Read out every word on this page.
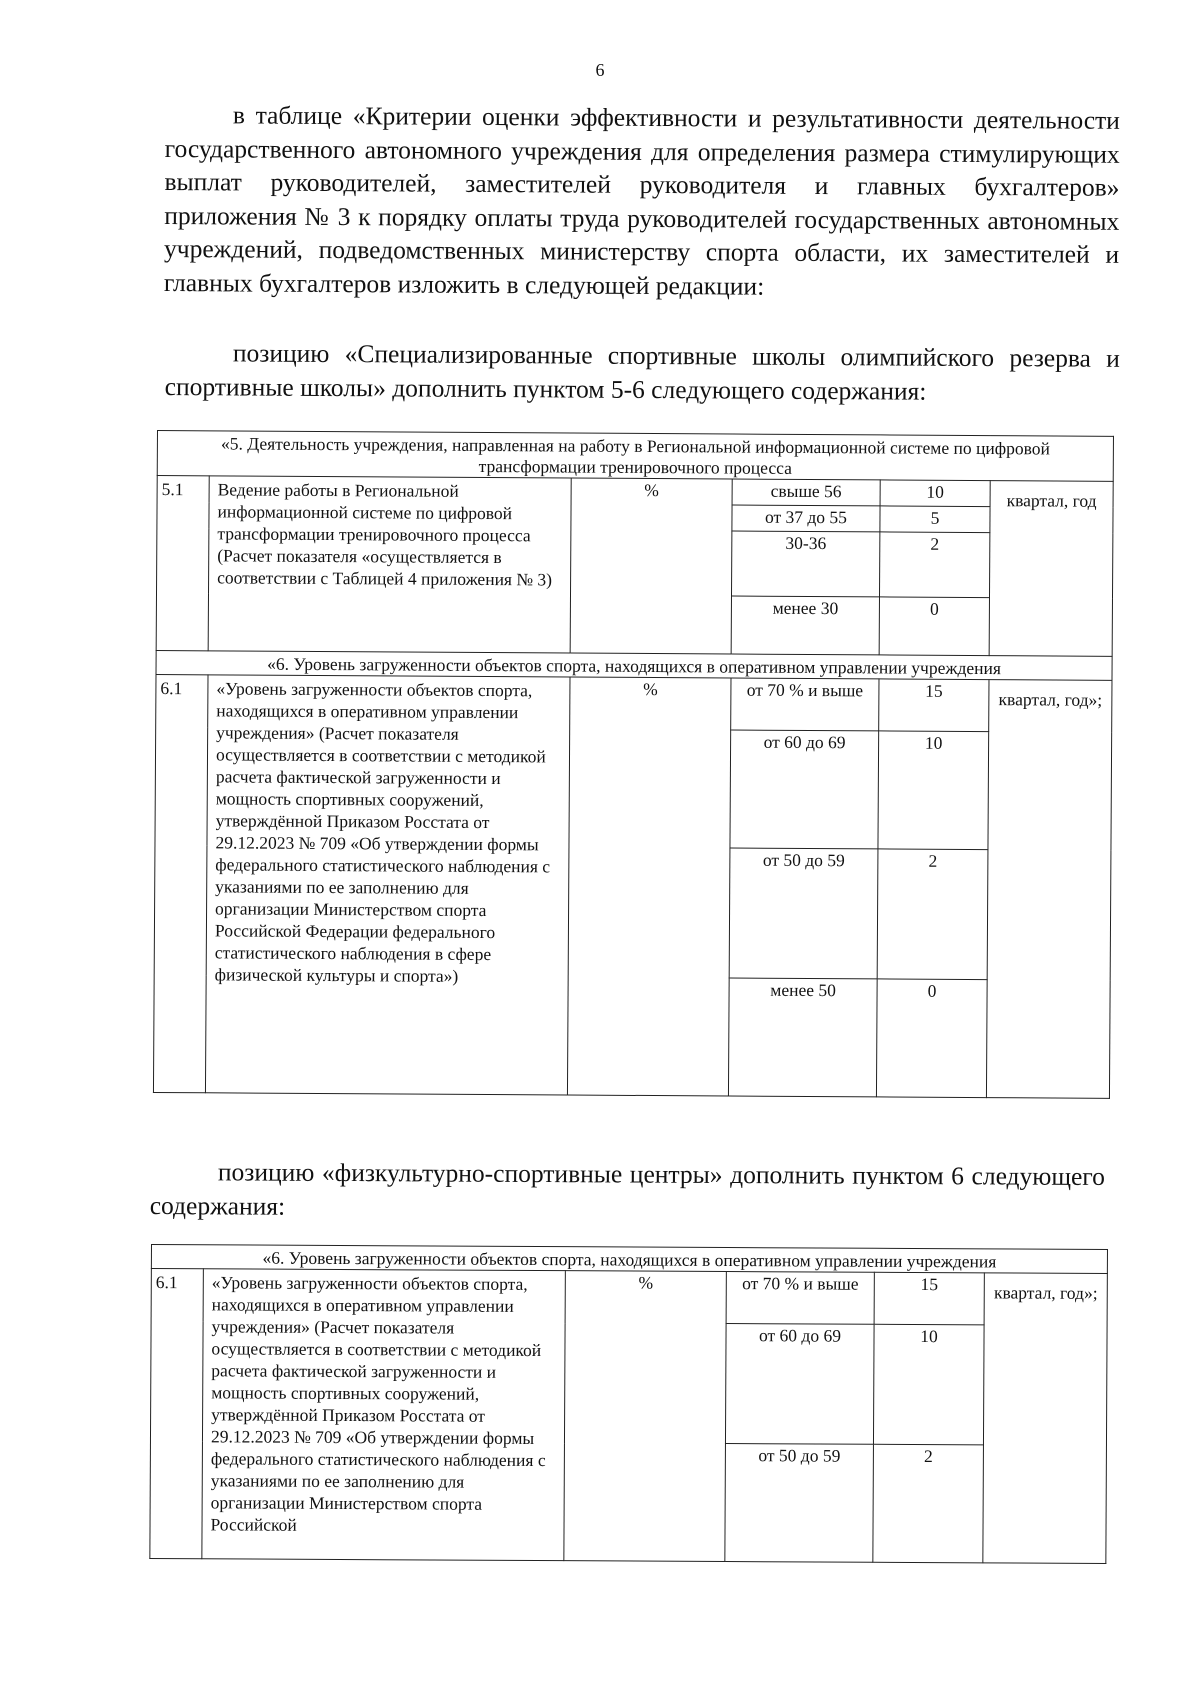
6
в таблице «Критерии оценки эффективности и результативности деятельности государственного автономного учреждения для определения размера стимулирующих выплат руководителей, заместителей руководителя и главных бухгалтеров» приложения № 3 к порядку оплаты труда руководителей государственных автономных учреждений, подведомственных министерству спорта области, их заместителей и главных бухгалтеров изложить в следующей редакции:
позицию «Специализированные спортивные школы олимпийского резерва и спортивные школы» дополнить пунктом 5-6 следующего содержания:
«5. Деятельность учреждения, направленная на работу в Региональной информационной системе по цифровой трансформации тренировочного процесса					
5.1	Ведение работы в Региональной информационной системе по цифровой трансформации тренировочного процесса (Расчет показателя «осуществляется в соответствии с Таблицей 4 приложения № 3)	%	свыше 56	10	квартал, год
			от 37 до 55	5	
			30-36	2	
			менее 30	0	
«6. Уровень загруженности объектов спорта, находящихся в оперативном управлении учреждения					
6.1	«Уровень загруженности объектов спорта, находящихся в оперативном управлении учреждения» (Расчет показателя осуществляется в соответствии с методикой расчета фактической загруженности и мощность спортивных сооружений, утверждённой Приказом Росстата от 29.12.2023 № 709 «Об утверждении формы федерального статистического наблюдения с указаниями по ее заполнению для организации Министерством спорта Российской Федерации федерального статистического наблюдения в сфере физической культуры и спорта»)	%	от 70 % и выше	15	квартал, год»;
			от 60 до 69	10	
			от 50 до 59	2	
			менее 50	0	
позицию «физкультурно-спортивные центры» дополнить пунктом 6 следующего содержания:
«6. Уровень загруженности объектов спорта, находящихся в оперативном управлении учреждения					
6.1	«Уровень загруженности объектов спорта, находящихся в оперативном управлении учреждения» (Расчет показателя осуществляется в соответствии с методикой расчета фактической загруженности и мощность спортивных сооружений, утверждённой Приказом Росстата от 29.12.2023 № 709 «Об утверждении формы федерального статистического наблюдения с указаниями по ее заполнению для организации Министерством спорта Российской	%	от 70 % и выше	15	квартал, год»;
			от 60 до 69	10	
			от 50 до 59	2	
